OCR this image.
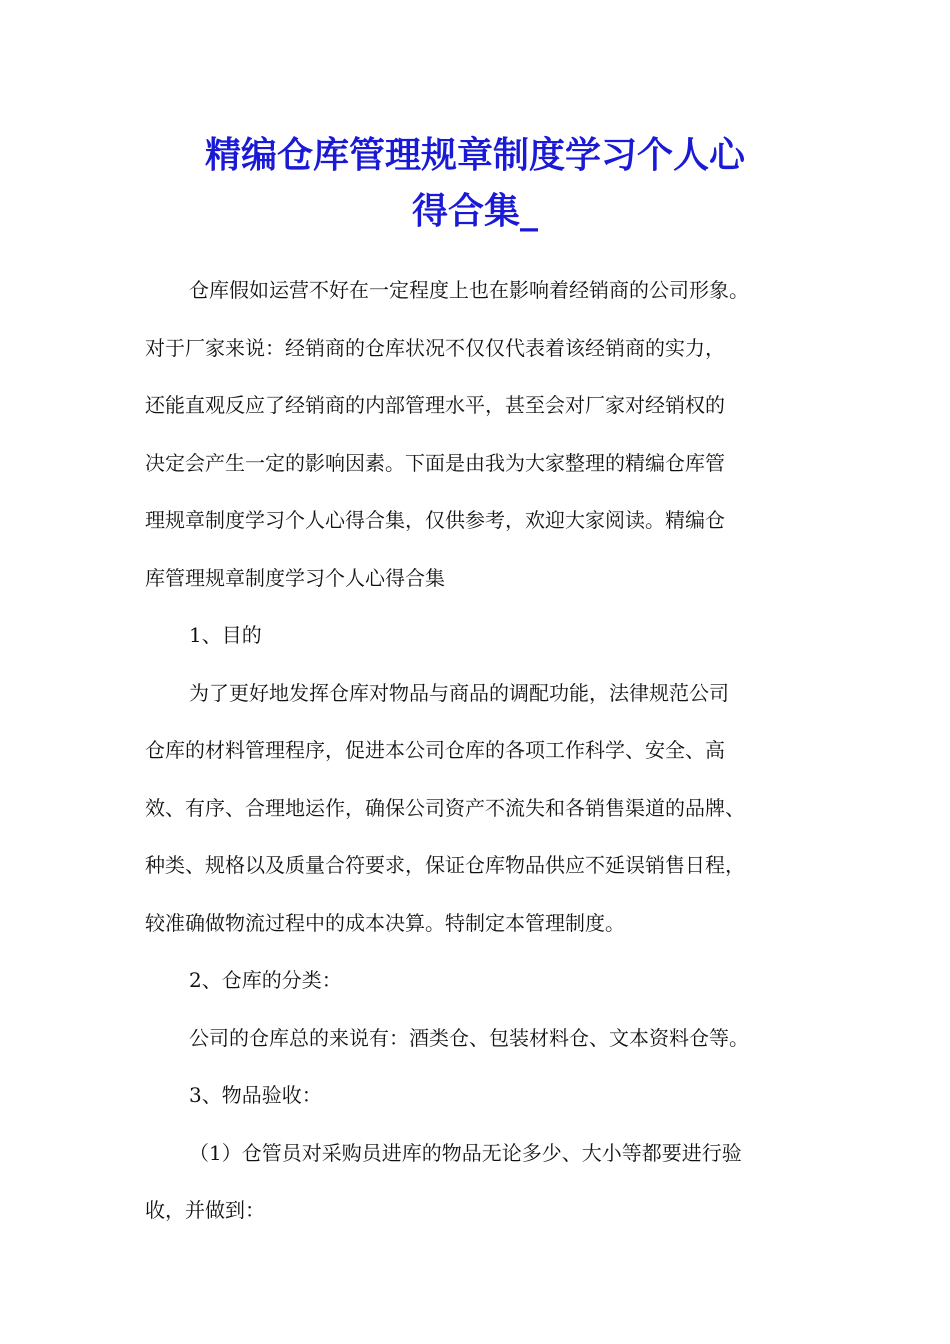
精编仓库管理规章制度学习个人心
得合集_
仓库假如运营不好在一定程度上也在影响着经销商的公司形象。
对于厂家来说：经销商的仓库状况不仅仅代表着该经销商的实力，
还能直观反应了经销商的内部管理水平，甚至会对厂家对经销权的
决定会产生一定的影响因素。下面是由我为大家整理的精编仓库管
理规章制度学习个人心得合集，仅供参考，欢迎大家阅读。精编仓
库管理规章制度学习个人心得合集
1、目的
为了更好地发挥仓库对物品与商品的调配功能，法律规范公司
仓库的材料管理程序，促进本公司仓库的各项工作科学、安全、高
效、有序、合理地运作，确保公司资产不流失和各销售渠道的品牌、
种类、规格以及质量合符要求，保证仓库物品供应不延误销售日程，
较准确做物流过程中的成本决算。特制定本管理制度。
2、仓库的分类：
公司的仓库总的来说有：酒类仓、包装材料仓、文本资料仓等。
3、物品验收：
（1）仓管员对采购员进库的物品无论多少、大小等都要进行验
收，并做到：
